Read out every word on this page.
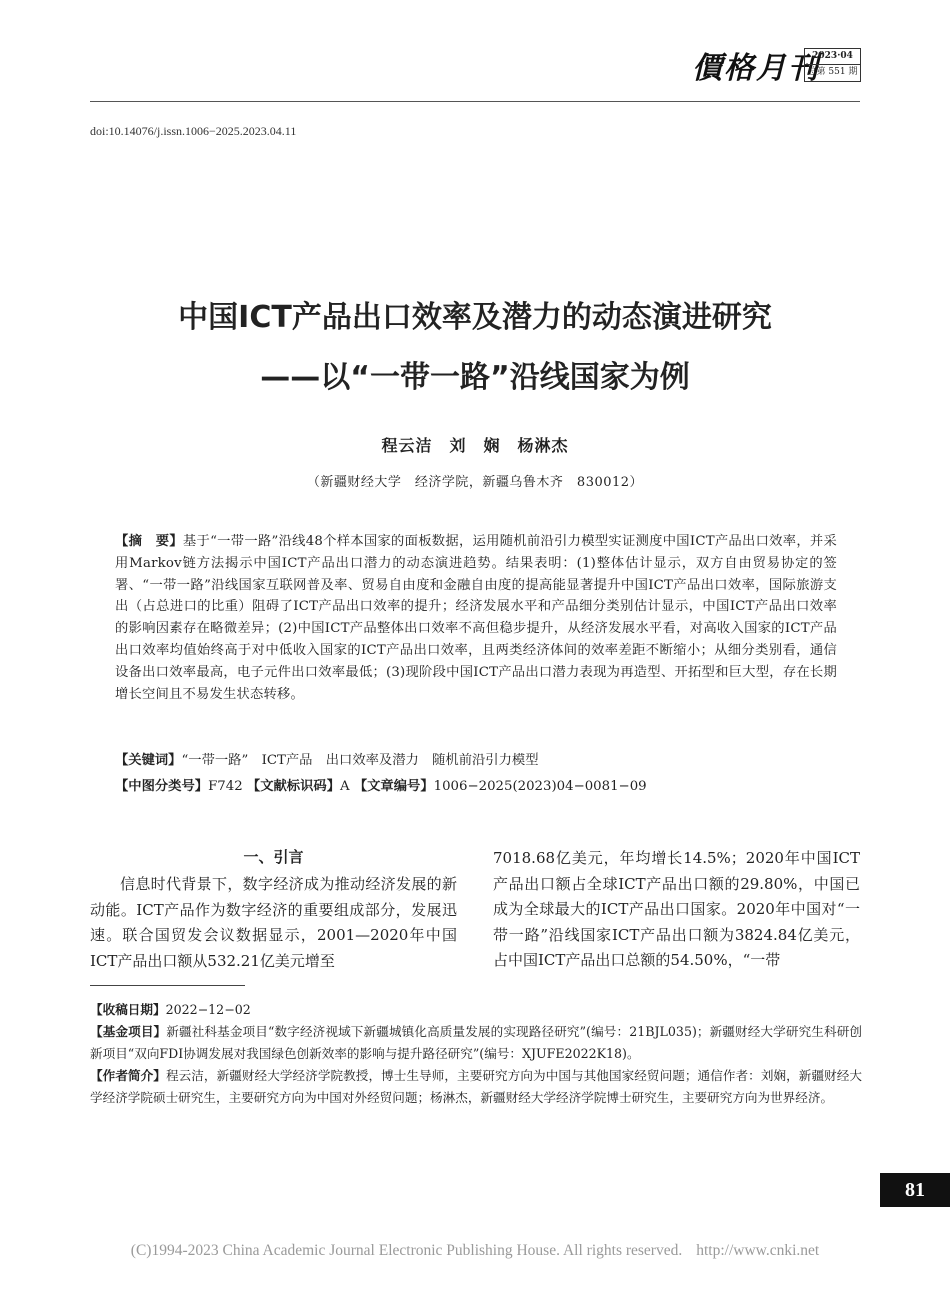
價格月刊
2023·04
总第 551 期
doi:10.14076/j.issn.1006−2025.2023.04.11
中国ICT产品出口效率及潜力的动态演进研究
——以“一带一路”沿线国家为例
程云洁　刘　娴　杨淋杰
（新疆财经大学　经济学院，新疆乌鲁木齐　830012）
【摘　要】基于“一带一路”沿线48个样本国家的面板数据，运用随机前沿引力模型实证测度中国ICT产品出口效率，并采用Markov链方法揭示中国ICT产品出口潜力的动态演进趋势。结果表明：(1)整体估计显示，双方自由贸易协定的签署、“一带一路”沿线国家互联网普及率、贸易自由度和金融自由度的提高能显著提升中国ICT产品出口效率，国际旅游支出（占总进口的比重）阻碍了ICT产品出口效率的提升；经济发展水平和产品细分类别估计显示，中国ICT产品出口效率的影响因素存在略微差异；(2)中国ICT产品整体出口效率不高但稳步提升，从经济发展水平看，对高收入国家的ICT产品出口效率均值始终高于对中低收入国家的ICT产品出口效率，且两类经济体间的效率差距不断缩小；从细分类别看，通信设备出口效率最高，电子元件出口效率最低；(3)现阶段中国ICT产品出口潜力表现为再造型、开拓型和巨大型，存在长期增长空间且不易发生状态转移。
【关键词】“一带一路”　ICT产品　出口效率及潜力　随机前沿引力模型
【中图分类号】F742 【文献标识码】A 【文章编号】1006−2025(2023)04−0081−09
一、引言
信息时代背景下，数字经济成为推动经济发展的新动能。ICT产品作为数字经济的重要组成部分，发展迅速。联合国贸发会议数据显示，2001—2020年中国ICT产品出口额从532.21亿美元增至
7018.68亿美元，年均增长14.5%；2020年中国ICT产品出口额占全球ICT产品出口额的29.80%，中国已成为全球最大的ICT产品出口国家。2020年中国对“一带一路”沿线国家ICT产品出口额为3824.84亿美元，占中国ICT产品出口总额的54.50%，“一带

【收稿日期】2022−12−02

【基金项目】新疆社科基金项目“数字经济视域下新疆城镇化高质量发展的实现路径研究”(编号：21BJL035)；新疆财经大学研究生科研创新项目“双向FDI协调发展对我国绿色创新效率的影响与提升路径研究”(编号：XJUFE2022K18)。

【作者简介】程云洁，新疆财经大学经济学院教授，博士生导师，主要研究方向为中国与其他国家经贸问题；通信作者：刘娴，新疆财经大学经济学院硕士研究生，主要研究方向为中国对外经贸问题；杨淋杰，新疆财经大学经济学院博士研究生，主要研究方向为世界经济。

81
(C)1994-2023 China Academic Journal Electronic Publishing House. All rights reserved. http://www.cnki.net
